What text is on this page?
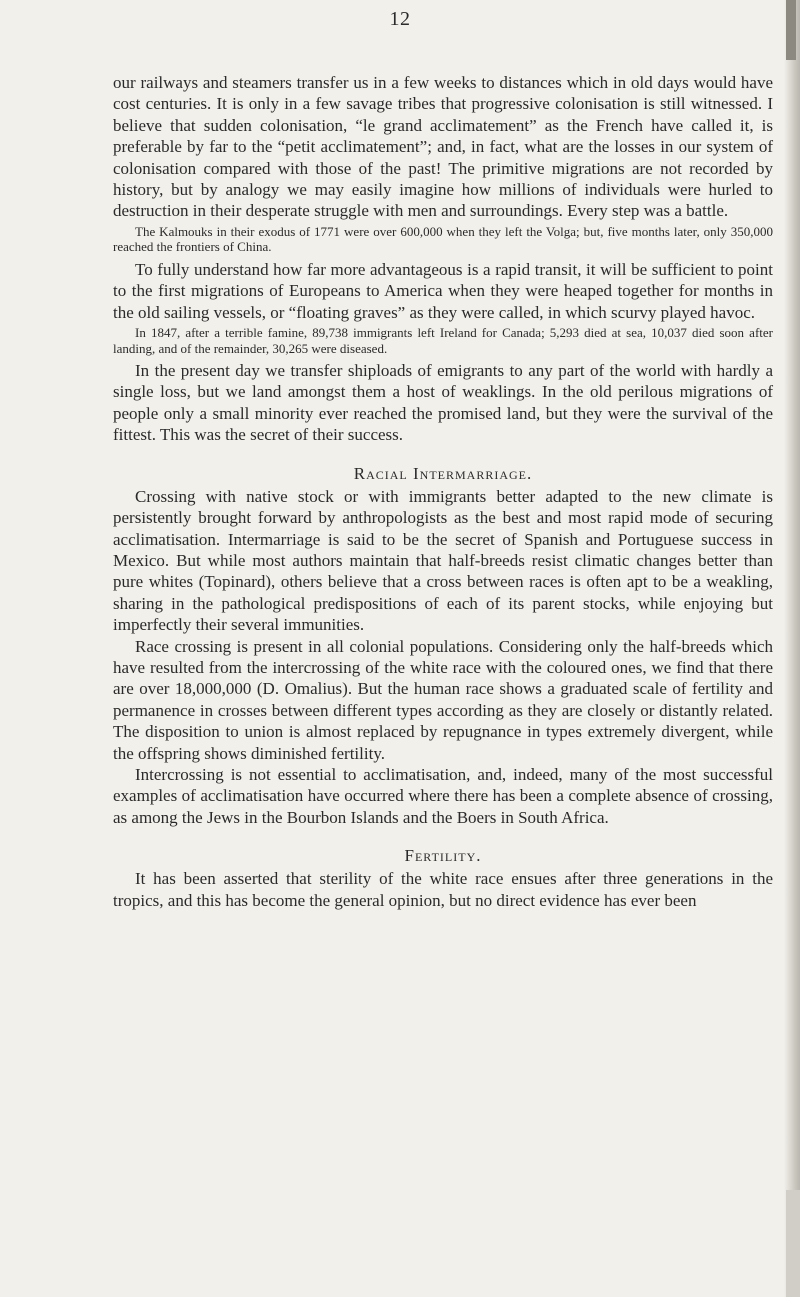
12

our railways and steamers transfer us in a few weeks to distances which in old days would have cost centuries. It is only in a few savage tribes that progressive colonisation is still witnessed. I believe that sudden colonisation, “le grand acclimatement” as the French have called it, is preferable by far to the “petit acclimatement”; and, in fact, what are the losses in our system of colonisation compared with those of the past! The primitive migrations are not recorded by history, but by analogy we may easily imagine how millions of individuals were hurled to destruction in their desperate struggle with men and surroundings. Every step was a battle.

The Kalmouks in their exodus of 1771 were over 600,000 when they left the Volga; but, five months later, only 350,000 reached the frontiers of China.

To fully understand how far more advantageous is a rapid transit, it will be sufficient to point to the first migrations of Europeans to America when they were heaped together for months in the old sailing vessels, or “floating graves” as they were called, in which scurvy played havoc.

In 1847, after a terrible famine, 89,738 immigrants left Ireland for Canada; 5,293 died at sea, 10,037 died soon after landing, and of the remainder, 30,265 were diseased.

In the present day we transfer shiploads of emigrants to any part of the world with hardly a single loss, but we land amongst them a host of weaklings. In the old perilous migrations of people only a small minority ever reached the promised land, but they were the survival of the fittest. This was the secret of their success.

Racial Intermarriage.

Crossing with native stock or with immigrants better adapted to the new climate is persistently brought forward by anthropologists as the best and most rapid mode of securing acclimatisation. Intermarriage is said to be the secret of Spanish and Portuguese success in Mexico. But while most authors maintain that half-breeds resist climatic changes better than pure whites (Topinard), others believe that a cross between races is often apt to be a weakling, sharing in the pathological predispositions of each of its parent stocks, while enjoying but imperfectly their several immunities.

Race crossing is present in all colonial populations. Considering only the half-breeds which have resulted from the intercrossing of the white race with the coloured ones, we find that there are over 18,000,000 (D. Omalius). But the human race shows a graduated scale of fertility and permanence in crosses between different types according as they are closely or distantly related. The disposition to union is almost replaced by repugnance in types extremely divergent, while the offspring shows diminished fertility.

Intercrossing is not essential to acclimatisation, and, indeed, many of the most successful examples of acclimatisation have occurred where there has been a complete absence of crossing, as among the Jews in the Bourbon Islands and the Boers in South Africa.

Fertility.

It has been asserted that sterility of the white race ensues after three generations in the tropics, and this has become the general opinion, but no direct evidence has ever been
